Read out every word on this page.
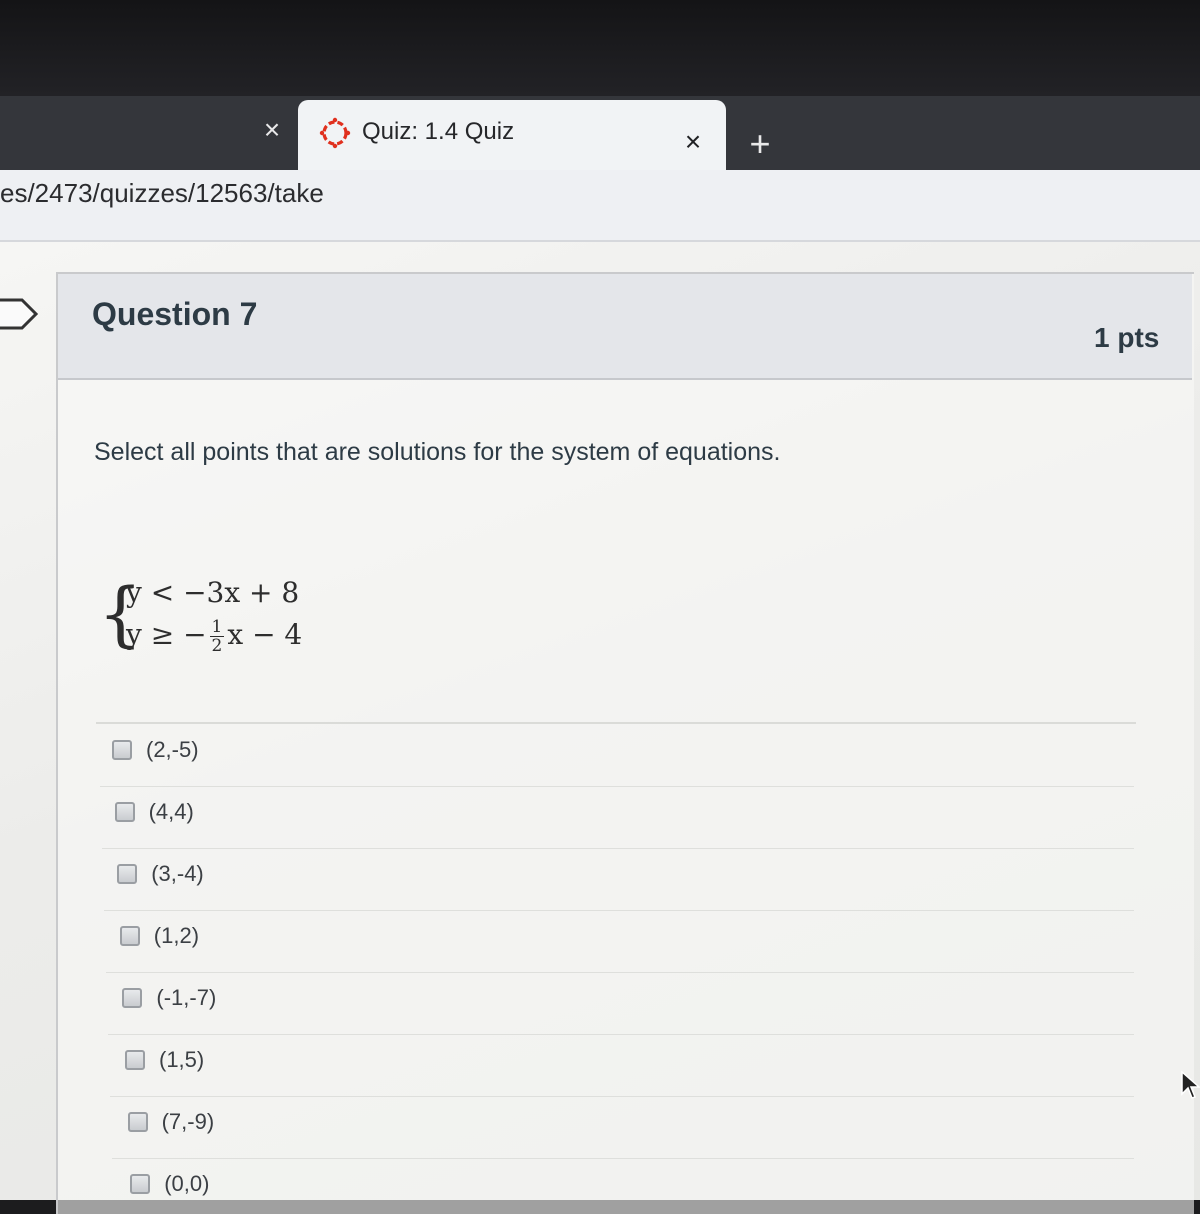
×	Quiz: 1.4 Quiz	× +
es/2473/quizzes/12563/take
Question 7
1 pts
Select all points that are solutions for the system of equations.
{
y < −3x + 8
y ≥ − $\frac{1}{2}$ x − 4
(2,-5)
(4,4)
(3,-4)
(1,2)
(-1,-7)
(1,5)
(7,-9)
(0,0)
